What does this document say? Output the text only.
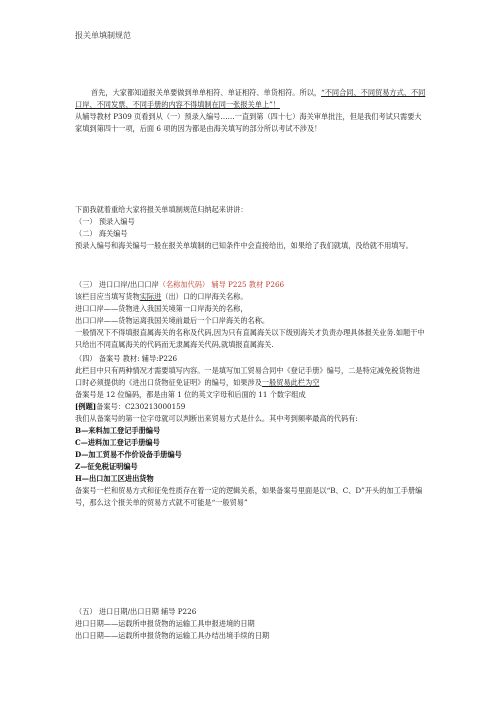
报关单填制规范

首先，大家都知道报关单要做到单单相符、单证相符、单货相符。所以，“不同合同、不同贸易方式、不同口岸、不同发票、不同手册的内容不得填制在同一张报关单上”！

从辅导教材 P309 页看到从（一）预录入编号……一直到第（四十七）海关审单批注，但是我们考试只需要大家填到第四十一项，后面 6 项的因为都是由海关填写的部分所以考试不涉及！

下面我就着重给大家将报关单填制规范归纳起来讲讲：

（一） 预录入编号

（二） 海关编号

预录入编号和海关编号一般在报关单填制的已知条件中会直接给出，如果给了我们就填，没给就不用填写。

（三） 进口口岸/出口口岸（名称加代码） 辅导 P225 教材 P266

该栏目应当填写货物实际进（出）口的口岸海关名称。

进口口岸——货物进入我国关境第一口岸海关的名称，

出口口岸——货物运离我国关境前最后一个口岸海关的名称。

一般情况下不得填报直属海关的名称及代码,因为只有直属海关以下级别海关才负责办理具体报关业务.如题干中只给出不同直属海关的代码而无隶属海关代码,就填报直属海关.

（四） 备案号 教材: 辅导:P226

此栏目中只有两种情况才需要填写内容。一是填写加工贸易合同中《登记手册》编号，二是特定减免税货物进口时必须提供的《进出口货物征免证明》的编号，如果涉及一般贸易此栏为空

备案号是 12 位编码，都是由第 1 位的英文字母和后面的 11 个数字组成

[例题]备案号：C230213000159

我们从备案号的第一位字母就可以判断出来贸易方式是什么。其中考到频率最高的代码有:

B—来料加工登记手册编号

C—进料加工登记手册编号

D—加工贸易不作价设备手册编号

Z—征免税证明编号

H—出口加工区进出货物

备案号一栏和贸易方式和征免性质存在着一定的逻辑关系，如果备案号里面是以“B、C、D”开头的加工手册编号，那么这个报关单的贸易方式就不可能是“一般贸易”

（五） 进口日期/出口日期 辅导 P226

进口日期——运载所申报货物的运输工具申报进境的日期

出口日期——运载所申报货物的运输工具办结出境手续的日期
